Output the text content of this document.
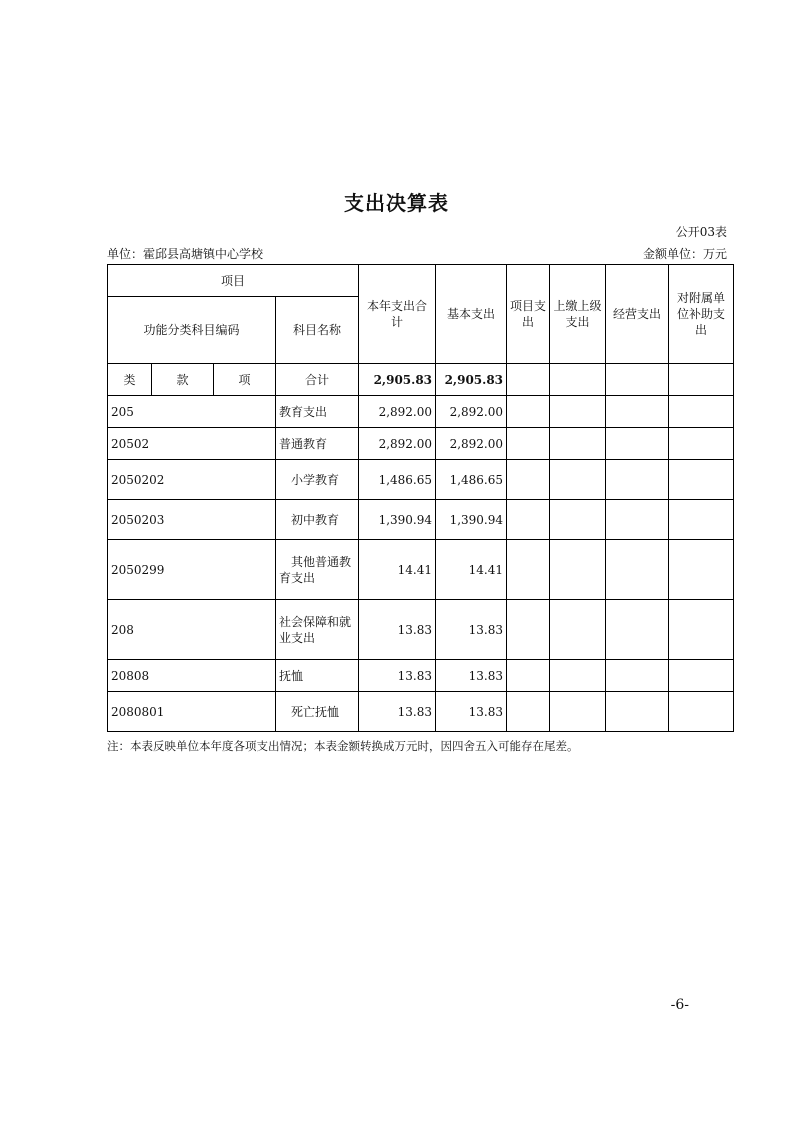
支出决算表
公开03表
单位：霍邱县高塘镇中心学校	金额单位：万元
项目				本年支出合计	基本支出	项目支出	上缴上级支出	经营支出	对附属单位补助支出
功能分类科目编码			科目名称						
类	款	项	合计	2,905.83	2,905.83				
205			教育支出	2,892.00	2,892.00				
20502			普通教育	2,892.00	2,892.00				
2050202			小学教育	1,486.65	1,486.65				
2050203			初中教育	1,390.94	1,390.94				
2050299			其他普通教育支出	14.41	14.41				
208			社会保障和就业支出	13.83	13.83				
20808			抚恤	13.83	13.83				
2080801			死亡抚恤	13.83	13.83				
注：本表反映单位本年度各项支出情况；本表金额转换成万元时，因四舍五入可能存在尾差。
-6-
